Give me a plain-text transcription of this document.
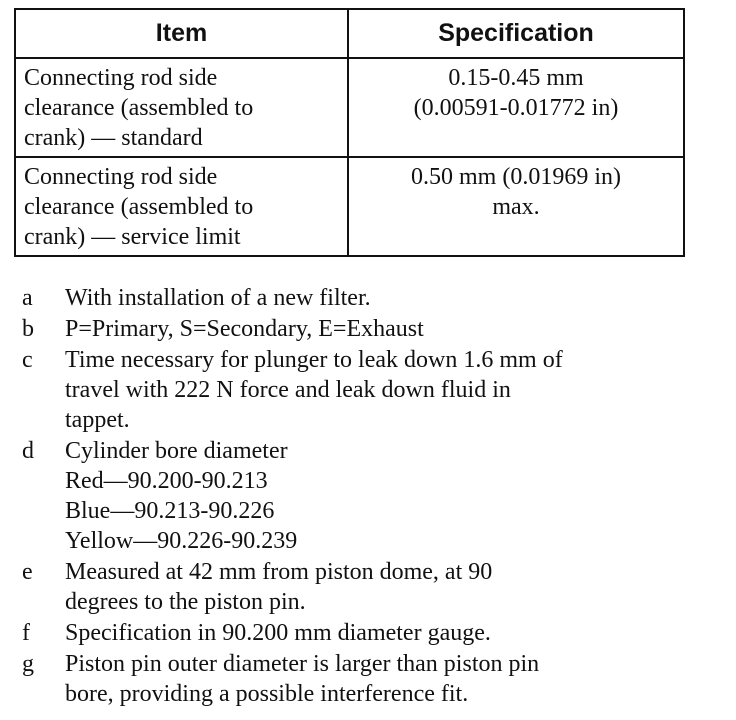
Item	Specification

Connecting rod side
clearance (assembled to
crank) — standard	0.15-0.45 mm
(0.00591-0.01772 in)

Connecting rod side
clearance (assembled to
crank) — service limit	0.50 mm (0.01969 in)
max.
a	With installation of a new filter.
b	P=Primary, S=Secondary, E=Exhaust
c	Time necessary for plunger to leak down 1.6 mm of
travel with 222 N force and leak down fluid in
tappet.
d	Cylinder bore diameter
Red—90.200-90.213
Blue—90.213-90.226
Yellow—90.226-90.239
e	Measured at 42 mm from piston dome, at 90
degrees to the piston pin.
f	Specification in 90.200 mm diameter gauge.
g	Piston pin outer diameter is larger than piston pin
bore, providing a possible interference fit.
